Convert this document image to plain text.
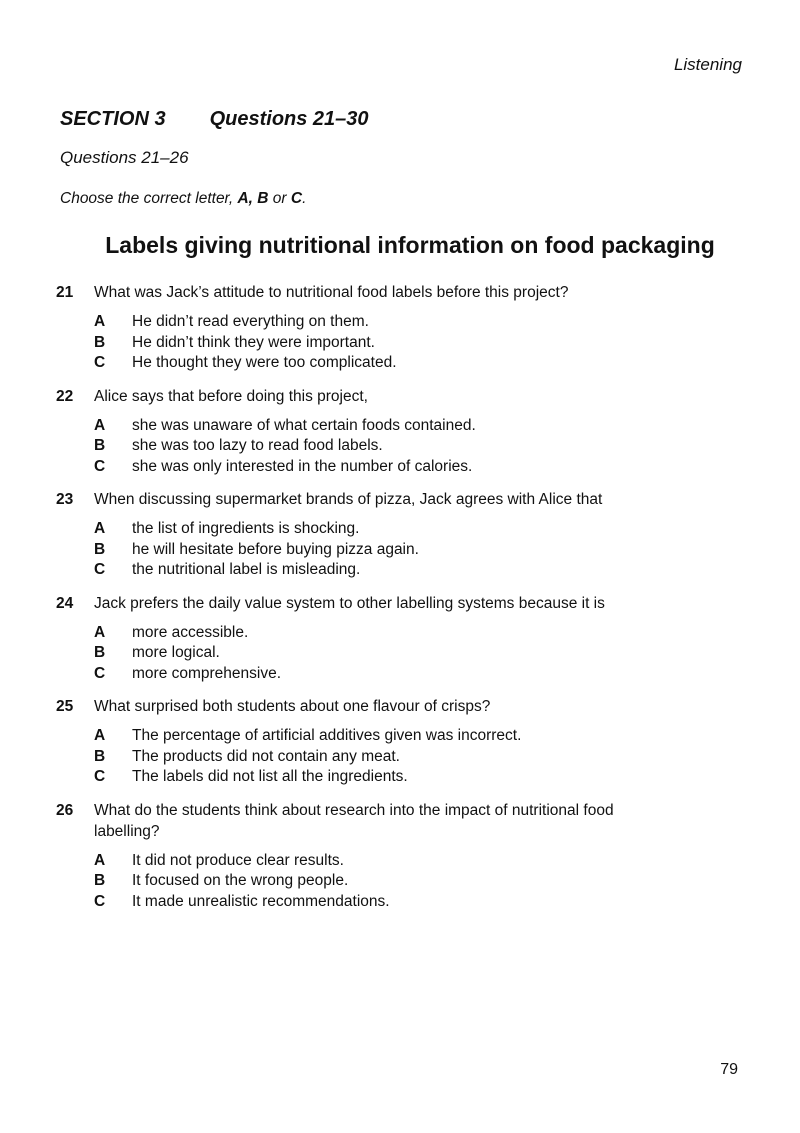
Listening
SECTION 3 Questions 21–30
Questions 21–26
Choose the correct letter, A, B or C.
Labels giving nutritional information on food packaging
21	What was Jack’s attitude to nutritional food labels before this project?
A	He didn’t read everything on them.
B	He didn’t think they were important.
C	He thought they were too complicated.
22	Alice says that before doing this project,
A	she was unaware of what certain foods contained.
B	she was too lazy to read food labels.
C	she was only interested in the number of calories.
23	When discussing supermarket brands of pizza, Jack agrees with Alice that
A	the list of ingredients is shocking.
B	he will hesitate before buying pizza again.
C	the nutritional label is misleading.
24	Jack prefers the daily value system to other labelling systems because it is
A	more accessible.
B	more logical.
C	more comprehensive.
25	What surprised both students about one flavour of crisps?
A	The percentage of artificial additives given was incorrect.
B	The products did not contain any meat.
C	The labels did not list all the ingredients.
26	What do the students think about research into the impact of nutritional food labelling?
A	It did not produce clear results.
B	It focused on the wrong people.
C	It made unrealistic recommendations.
79
